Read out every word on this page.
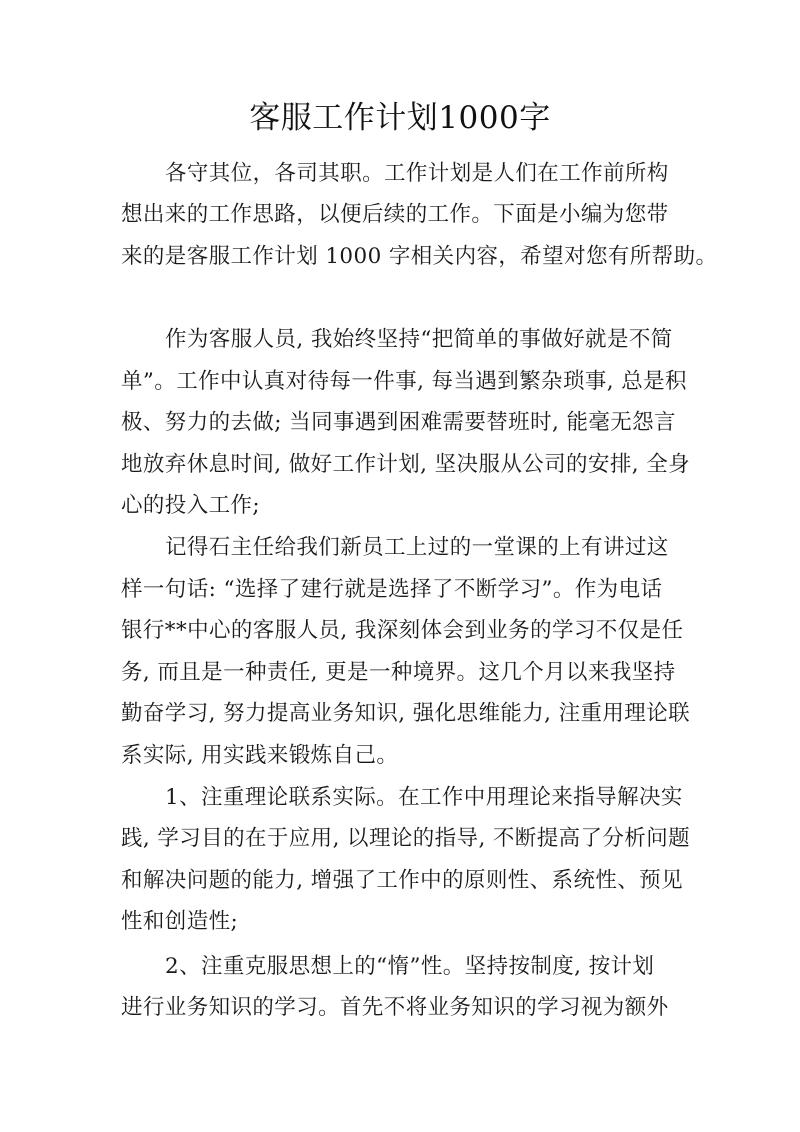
客服工作计划1000字
各守其位，各司其职。工作计划是人们在工作前所构
想出来的工作思路，以便后续的工作。下面是小编为您带
来的是客服工作计划 1000 字相关内容，希望对您有所帮助。
作为客服人员, 我始终坚持“把简单的事做好就是不简
单”。工作中认真对待每一件事, 每当遇到繁杂琐事, 总是积
极、努力的去做; 当同事遇到困难需要替班时, 能毫无怨言
地放弃休息时间, 做好工作计划, 坚决服从公司的安排, 全身
心的投入工作;
记得石主任给我们新员工上过的一堂课的上有讲过这
样一句话: “选择了建行就是选择了不断学习”。作为电话
银行**中心的客服人员, 我深刻体会到业务的学习不仅是任
务, 而且是一种责任, 更是一种境界。这几个月以来我坚持
勤奋学习, 努力提高业务知识, 强化思维能力, 注重用理论联
系实际, 用实践来锻炼自己。
1、注重理论联系实际。在工作中用理论来指导解决实
践, 学习目的在于应用, 以理论的指导, 不断提高了分析问题
和解决问题的能力, 增强了工作中的原则性、系统性、预见
性和创造性;
2、注重克服思想上的“惰”性。坚持按制度, 按计划
进行业务知识的学习。首先不将业务知识的学习视为额外
